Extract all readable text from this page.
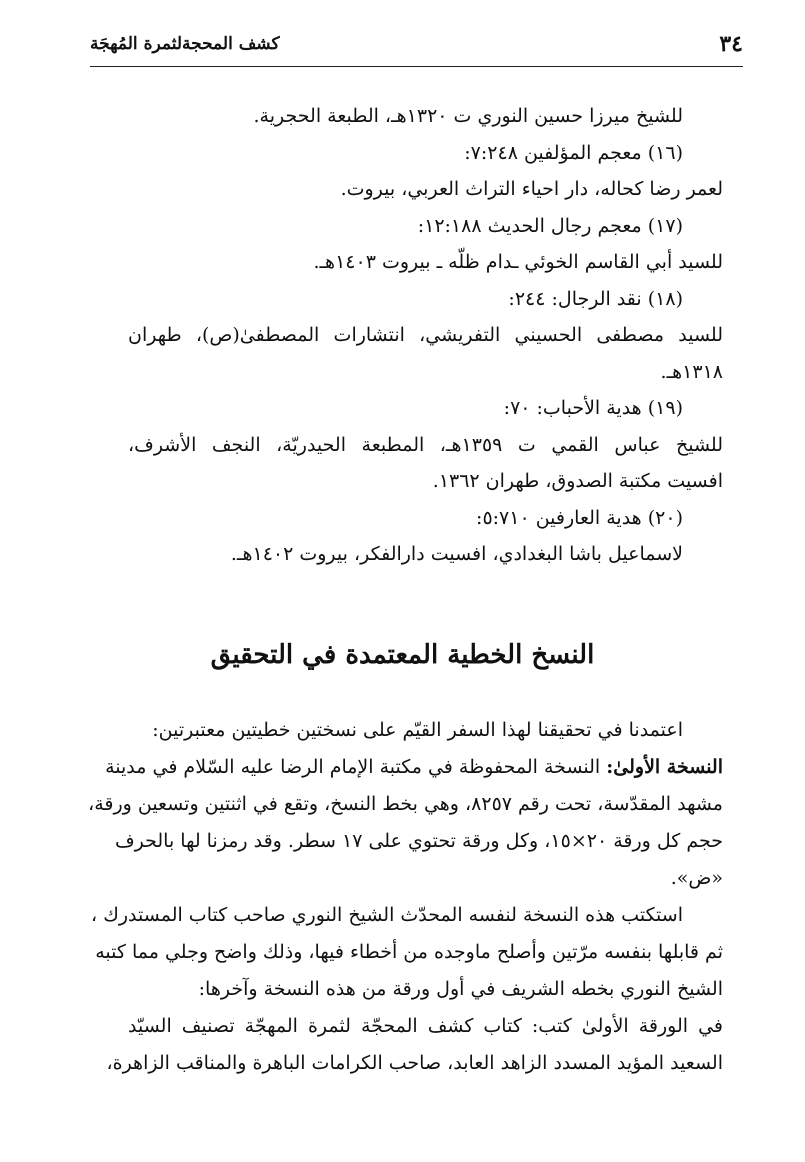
كشف المحجةلثمرة المُهجَة	٣٤
للشيخ ميرزا حسين النوري ت ١٣٢٠هـ، الطبعة الحجرية.
(١٦) معجم المؤلفين ٧:٢٤٨:
لعمر رضا كحاله، دار احياء التراث العربي، بيروت.
(١٧) معجم رجال الحديث ١٢:١٨٨:
للسيد أبي القاسم الخوئي ـدام ظلّه ـ بيروت ١٤٠٣هـ.
(١٨) نقد الرجال: ٢٤٤:
للسيد مصطفى الحسيني التفريشي، انتشارات المصطفىٰ(ص)، طهران
١٣١٨هـ.
(١٩) هدية الأحباب: ٧٠:
للشيخ عباس القمي ت ١٣٥٩هـ، المطبعة الحيدريّة، النجف الأشرف،
افسيت مكتبة الصدوق، طهران ١٣٦٢.
(٢٠) هدية العارفين ٥:٧١٠:
لاسماعيل باشا البغدادي، افسيت دارالفكر، بيروت ١٤٠٢هـ.
النسخ الخطية المعتمدة في التحقيق
اعتمدنا في تحقيقنا لهذا السفر القيّم على نسختين خطيتين معتبرتين:
النسخة الأولىٰ: النسخة المحفوظة في مكتبة الإمام الرضا عليه السّلام في مدينة
مشهد المقدّسة، تحت رقم ٨٢٥٧، وهي بخط النسخ، وتقع في اثنتين وتسعين ورقة،
حجم كل ورقة ٢٠×١٥، وكل ورقة تحتوي على ١٧ سطر. وقد رمزنا لها بالحرف
«ض».
استكتب هذه النسخة لنفسه المحدّث الشيخ النوري صاحب كتاب المستدرك ،
ثم قابلها بنفسه مرّتين وأصلح ماوجده من أخطاء فيها، وذلك واضح وجلي مما كتبه
الشيخ النوري بخطه الشريف في أول ورقة من هذه النسخة وآخرها:
في الورقة الأولىٰ كتب: كتاب كشف المحجّة لثمرة المهجّة تصنيف السيّد
السعيد المؤيد المسدد الزاهد العابد، صاحب الكرامات الباهرة والمناقب الزاهرة،
